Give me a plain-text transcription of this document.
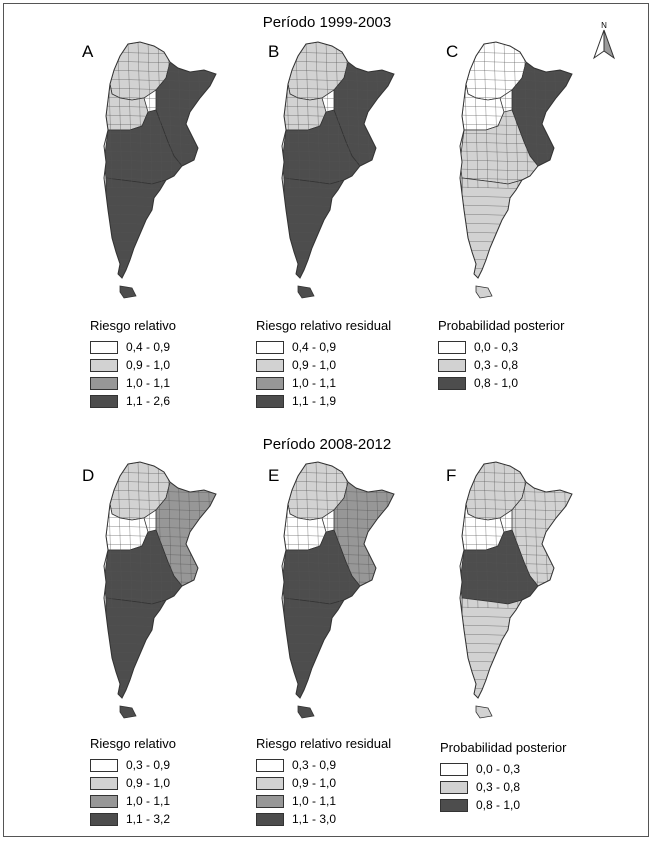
Período 1999-2003
A	B	C
N
Riesgo relativo
0,4 - 0,9
0,9 - 1,0
1,0 - 1,1
1,1 - 2,6
Riesgo relativo residual
0,4 - 0,9
0,9 - 1,0
1,0 - 1,1
1,1 - 1,9
Probabilidad posterior
0,0 - 0,3
0,3 - 0,8
0,8 - 1,0
Período 2008-2012
D	E	F
Riesgo relativo
0,3 - 0,9
0,9 - 1,0
1,0 - 1,1
1,1 - 3,2
Riesgo relativo residual
0,3 - 0,9
0,9 - 1,0
1,0 - 1,1
1,1 - 3,0
Probabilidad posterior
0,0 - 0,3
0,3 - 0,8
0,8 - 1,0
